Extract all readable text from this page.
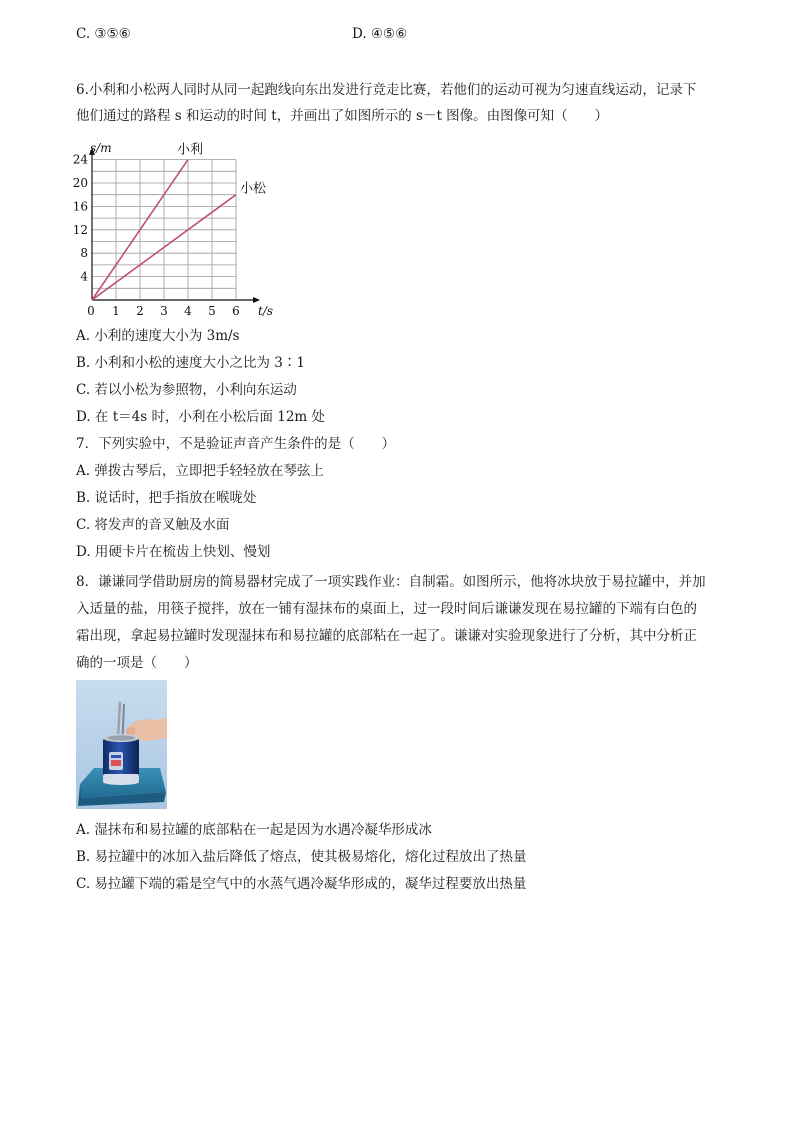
C. ③⑤⑥	D. ④⑤⑥
6.小利和小松两人同时从同一起跑线向东出发进行竞走比赛，若他们的运动可视为匀速直线运动，记录下
他们通过的路程 s 和运动的时间 t，并画出了如图所示的 s－t 图像。由图像可知（　　）
1 2 3 4 5 6
4
8
12
16
20
24
0
s/m
t/s
小利
小松
A. 小利的速度大小为 3m/s
B. 小利和小松的速度大小之比为 3∶1
C. 若以小松为参照物，小利向东运动
D. 在 t＝4s 时，小利在小松后面 12m 处
7．下列实验中，不是验证声音产生条件的是（　　）
A. 弹拨古琴后，立即把手轻轻放在琴弦上
B. 说话时，把手指放在喉咙处
C. 将发声的音叉触及水面
D. 用硬卡片在梳齿上快划、慢划
8．谦谦同学借助厨房的简易器材完成了一项实践作业：自制霜。如图所示，他将冰块放于易拉罐中，并加
入适量的盐，用筷子搅拌，放在一铺有湿抹布的桌面上，过一段时间后谦谦发现在易拉罐的下端有白色的
霜出现，拿起易拉罐时发现湿抹布和易拉罐的底部粘在一起了。谦谦对实验现象进行了分析，其中分析正
确的一项是（　　）
A. 湿抹布和易拉罐的底部粘在一起是因为水遇冷凝华形成冰
B. 易拉罐中的冰加入盐后降低了熔点，使其极易熔化，熔化过程放出了热量
C. 易拉罐下端的霜是空气中的水蒸气遇冷凝华形成的，凝华过程要放出热量
